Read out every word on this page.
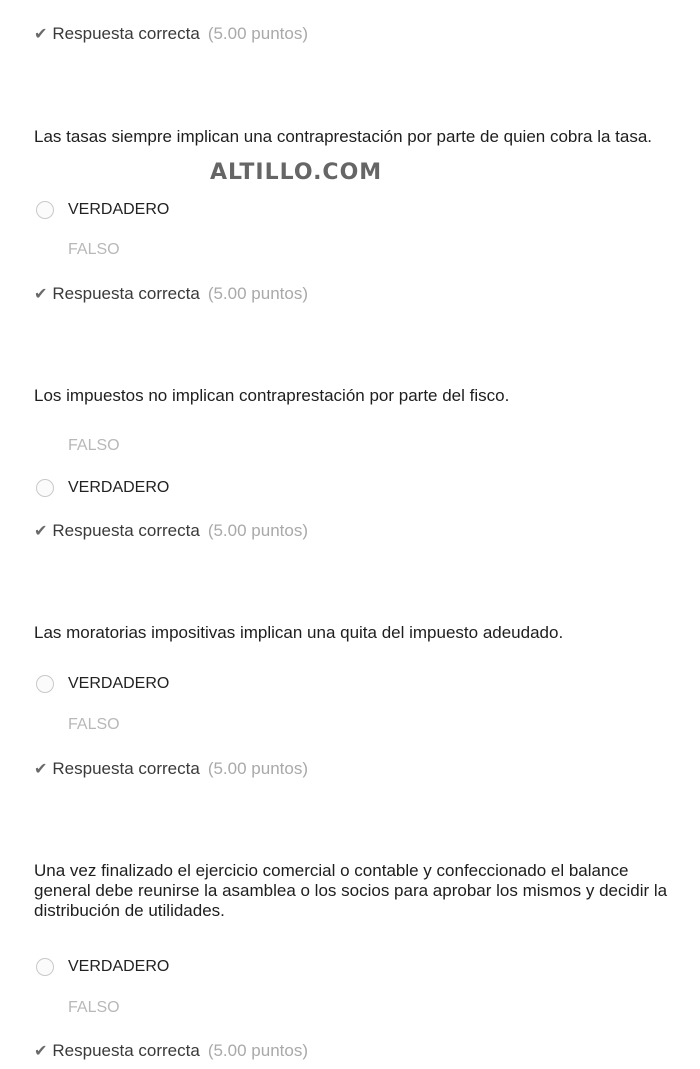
✔ Respuesta correcta (5.00 puntos)
Las tasas siempre implican una contraprestación por parte de quien cobra la tasa.
ALTILLO.COM
VERDADERO
FALSO
✔ Respuesta correcta (5.00 puntos)
Los impuestos no implican contraprestación por parte del fisco.
FALSO
VERDADERO
✔ Respuesta correcta (5.00 puntos)
Las moratorias impositivas implican una quita del impuesto adeudado.
VERDADERO
FALSO
✔ Respuesta correcta (5.00 puntos)
Una vez finalizado el ejercicio comercial o contable y confeccionado el balance general debe reunirse la asamblea o los socios para aprobar los mismos y decidir la distribución de utilidades.
VERDADERO
FALSO
✔ Respuesta correcta (5.00 puntos)
